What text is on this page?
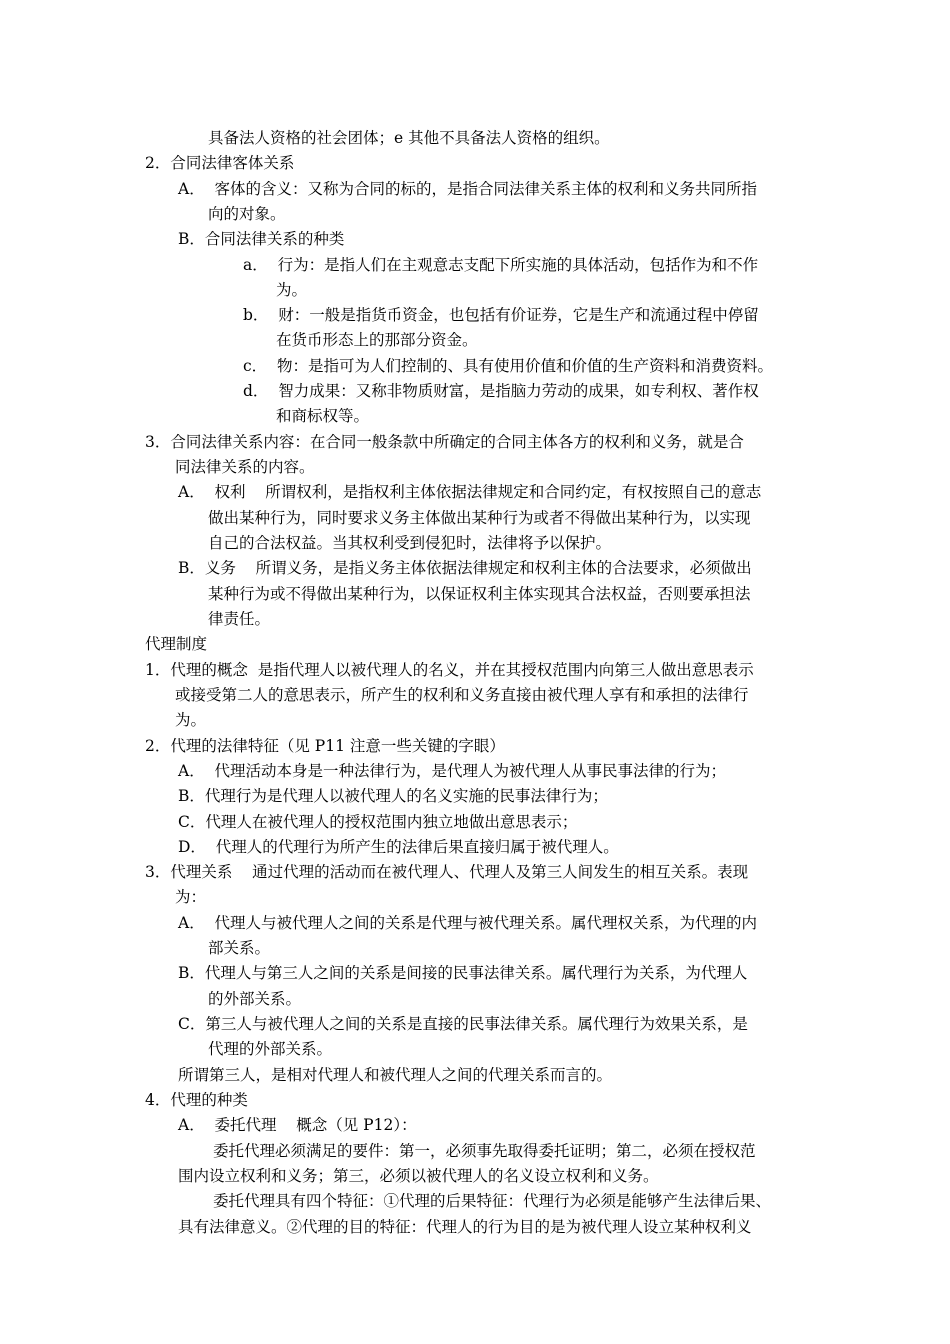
具备法人资格的社会团体；e 其他不具备法人资格的组织。
2．合同法律客体关系
A．  客体的含义：又称为合同的标的，是指合同法律关系主体的权利和义务共同所指
向的对象。
B．合同法律关系的种类
a．  行为：是指人们在主观意志支配下所实施的具体活动，包括作为和不作
为。
b．  财：一般是指货币资金，也包括有价证券，它是生产和流通过程中停留
在货币形态上的那部分资金。
c．  物：是指可为人们控制的、具有使用价值和价值的生产资料和消费资料。
d．  智力成果：又称非物质财富，是指脑力劳动的成果，如专利权、著作权
和商标权等。
3．合同法律关系内容：在合同一般条款中所确定的合同主体各方的权利和义务，就是合
同法律关系的内容。
A．  权利    所谓权利，是指权利主体依据法律规定和合同约定，有权按照自己的意志
做出某种行为，同时要求义务主体做出某种行为或者不得做出某种行为，以实现
自己的合法权益。当其权利受到侵犯时，法律将予以保护。
B．义务    所谓义务，是指义务主体依据法律规定和权利主体的合法要求，必须做出
某种行为或不得做出某种行为，以保证权利主体实现其合法权益，否则要承担法
律责任。
代理制度
1．代理的概念  是指代理人以被代理人的名义，并在其授权范围内向第三人做出意思表示
或接受第二人的意思表示，所产生的权利和义务直接由被代理人享有和承担的法律行
为。
2．代理的法律特征（见 P11 注意一些关键的字眼）
A．  代理活动本身是一种法律行为，是代理人为被代理人从事民事法律的行为；
B．代理行为是代理人以被代理人的名义实施的民事法律行为；
C．代理人在被代理人的授权范围内独立地做出意思表示；
D．  代理人的代理行为所产生的法律后果直接归属于被代理人。
3．代理关系    通过代理的活动而在被代理人、代理人及第三人间发生的相互关系。表现
为：
A．  代理人与被代理人之间的关系是代理与被代理关系。属代理权关系，为代理的内
部关系。
B．代理人与第三人之间的关系是间接的民事法律关系。属代理行为关系，为代理人
的外部关系。
C．第三人与被代理人之间的关系是直接的民事法律关系。属代理行为效果关系，是
代理的外部关系。
所谓第三人，是相对代理人和被代理人之间的代理关系而言的。
4．代理的种类
A．  委托代理    概念（见 P12）：
委托代理必须满足的要件：第一，必须事先取得委托证明；第二，必须在授权范
围内设立权利和义务；第三，必须以被代理人的名义设立权利和义务。
委托代理具有四个特征：①代理的后果特征：代理行为必须是能够产生法律后果、
具有法律意义。②代理的目的特征：代理人的行为目的是为被代理人设立某种权利义
